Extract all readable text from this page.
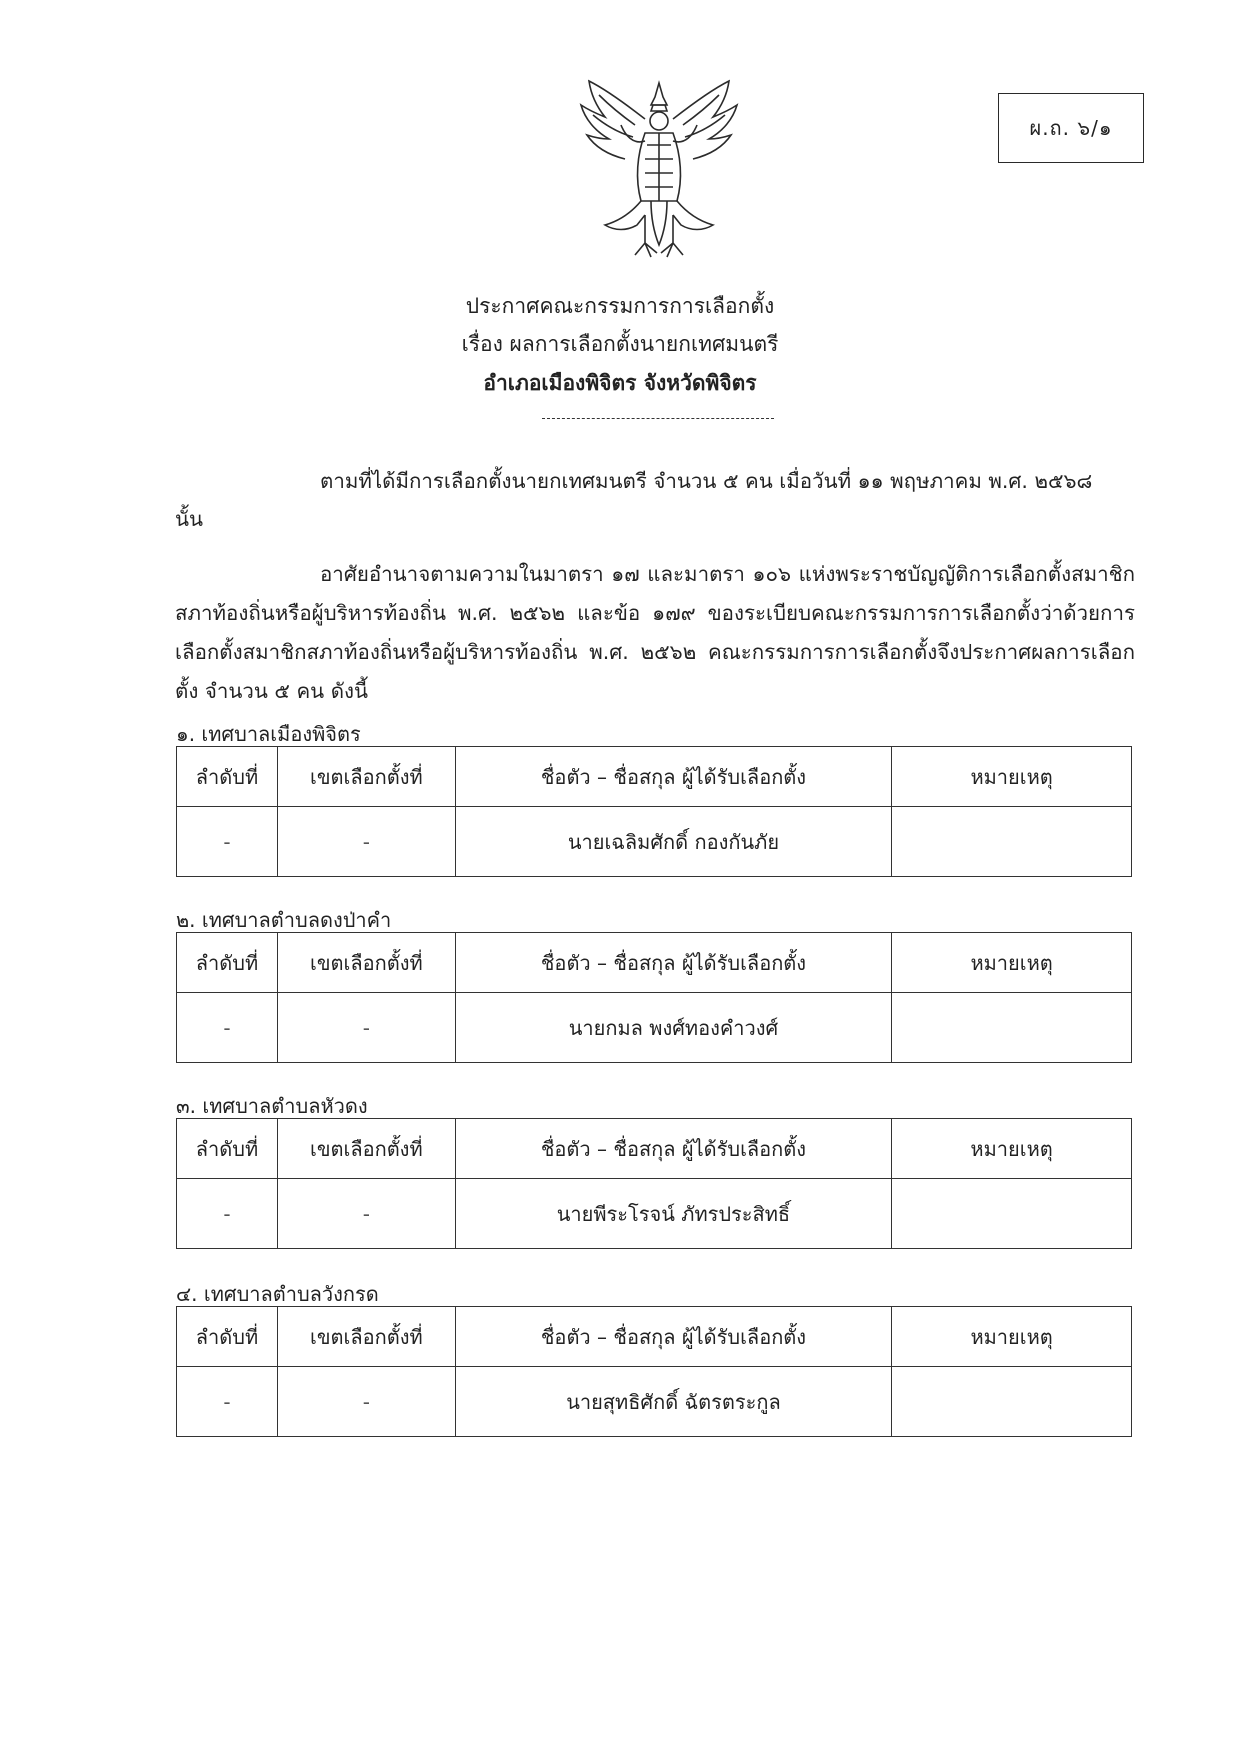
ผ.ถ. ๖/๑
ประกาศคณะกรรมการการเลือกตั้ง
เรื่อง ผลการเลือกตั้งนายกเทศมนตรี
อำเภอเมืองพิจิตร จังหวัดพิจิตร
ตามที่ได้มีการเลือกตั้งนายกเทศมนตรี จำนวน ๕ คน เมื่อวันที่ ๑๑ พฤษภาคม พ.ศ. ๒๕๖๘
นั้น
อาศัยอำนาจตามความในมาตรา ๑๗ และมาตรา ๑๐๖ แห่งพระราชบัญญัติการเลือกตั้งสมาชิกสภาท้องถิ่นหรือผู้บริหารท้องถิ่น พ.ศ. ๒๕๖๒ และข้อ ๑๗๙ ของระเบียบคณะกรรมการการเลือกตั้งว่าด้วยการเลือกตั้งสมาชิกสภาท้องถิ่นหรือผู้บริหารท้องถิ่น พ.ศ. ๒๕๖๒ คณะกรรมการการเลือกตั้งจึงประกาศผลการเลือกตั้ง จำนวน ๕ คน ดังนี้
๑. เทศบาลเมืองพิจิตร
ลำดับที่	เขตเลือกตั้งที่	ชื่อตัว – ชื่อสกุล ผู้ได้รับเลือกตั้ง	หมายเหตุ
-	-	นายเฉลิมศักดิ์ กองกันภัย	
๒. เทศบาลตำบลดงป่าคำ
ลำดับที่	เขตเลือกตั้งที่	ชื่อตัว – ชื่อสกุล ผู้ได้รับเลือกตั้ง	หมายเหตุ
-	-	นายกมล พงศ์ทองคำวงศ์	
๓. เทศบาลตำบลหัวดง
ลำดับที่	เขตเลือกตั้งที่	ชื่อตัว – ชื่อสกุล ผู้ได้รับเลือกตั้ง	หมายเหตุ
-	-	นายพีระโรจน์ ภัทรประสิทธิ์	
๔. เทศบาลตำบลวังกรด
ลำดับที่	เขตเลือกตั้งที่	ชื่อตัว – ชื่อสกุล ผู้ได้รับเลือกตั้ง	หมายเหตุ
-	-	นายสุทธิศักดิ์ ฉัตรตระกูล	
